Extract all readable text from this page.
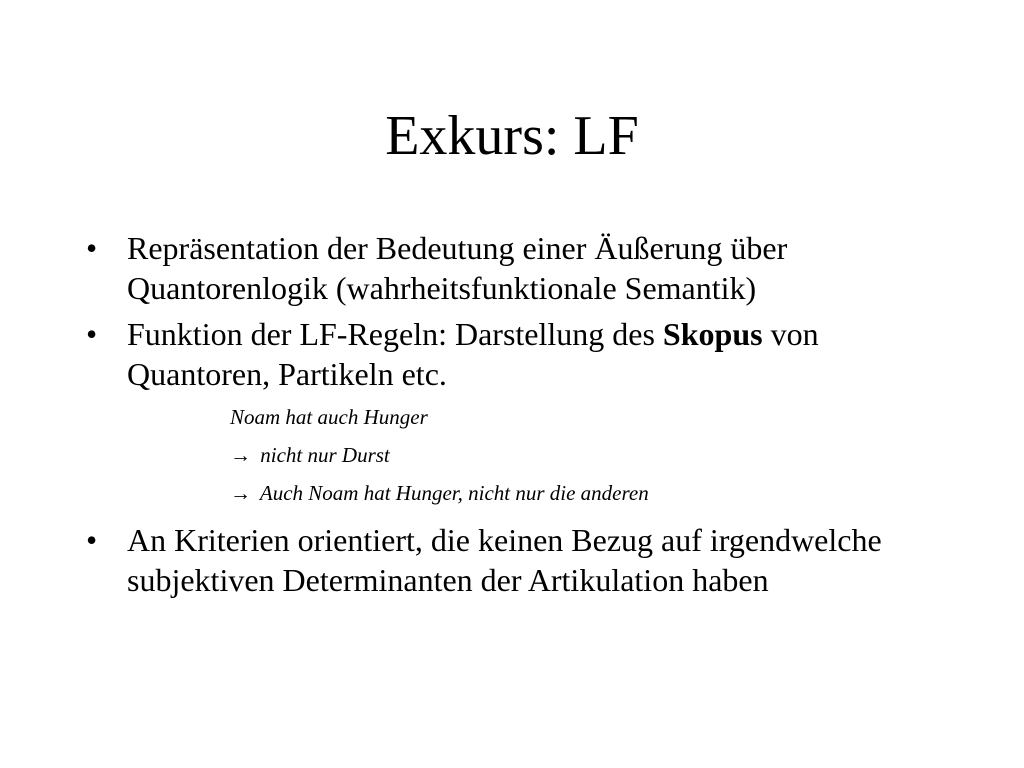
Exkurs: LF
• Repräsentation der Bedeutung einer Äußerung über Quantorenlogik (wahrheitsfunktionale Semantik)
• Funktion der LF-Regeln: Darstellung des Skopus von Quantoren, Partikeln etc.
Noam hat auch Hunger
→ nicht nur Durst
→ Auch Noam hat Hunger, nicht nur die anderen
• An Kriterien orientiert, die keinen Bezug auf irgendwelche subjektiven Determinanten der Artikulation haben
